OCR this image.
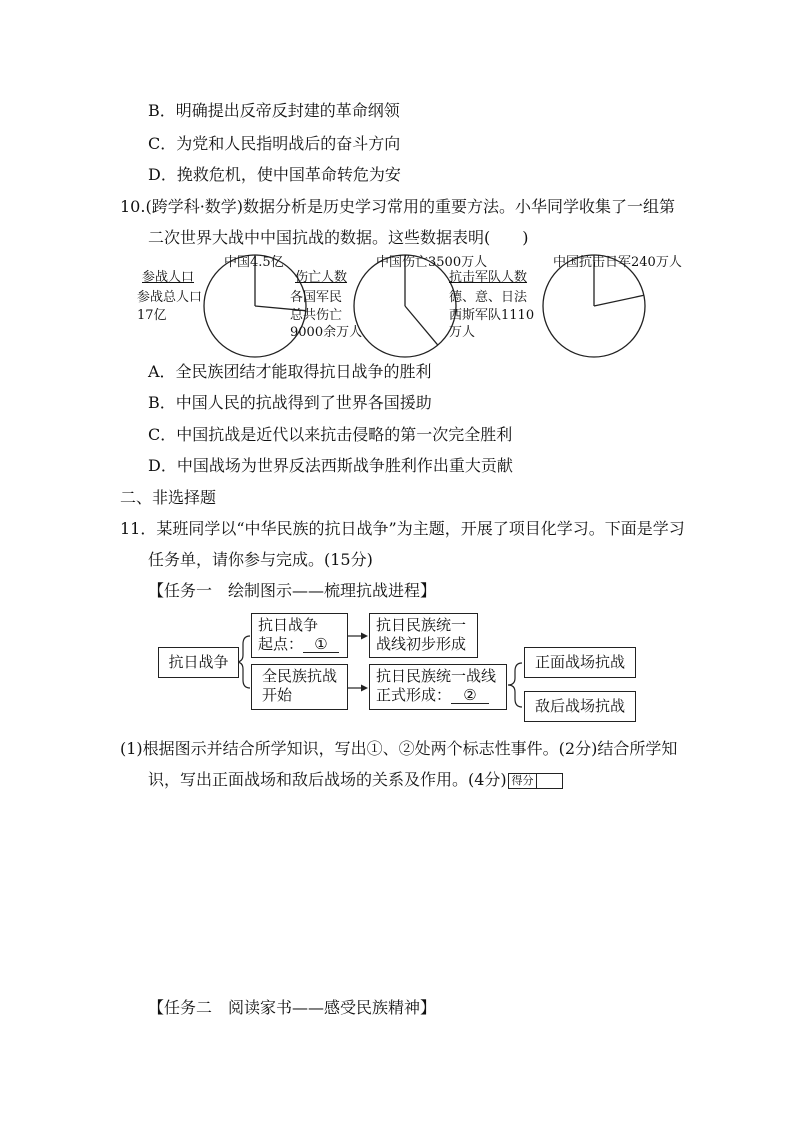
B．明确提出反帝反封建的革命纲领
C．为党和人民指明战后的奋斗方向
D．挽救危机，使中国革命转危为安
10.(跨学科·数学)数据分析是历史学习常用的重要方法。小华同学收集了一组第
二次世界大战中中国抗战的数据。这些数据表明(　　)
参战人口
参战总人口
17亿
中国4.5亿
伤亡人数
各国军民
总共伤亡
9000余万人
中国伤亡3500万人
抗击军队人数
德、意、日法
西斯军队1110
万人
中国抗击日军240万人
A．全民族团结才能取得抗日战争的胜利
B．中国人民的抗战得到了世界各国援助
C．中国抗战是近代以来抗击侵略的第一次完全胜利
D．中国战场为世界反法西斯战争胜利作出重大贡献
二、非选择题
11．某班同学以“中华民族的抗日战争”为主题，开展了项目化学习。下面是学习
任务单，请你参与完成。(15分)
【任务一　绘制图示——梳理抗战进程】
抗日战争
抗日战争
起点： ①
抗日民族统一
战线初步形成
全民族抗战
开始
抗日民族统一战线
正式形成： ②
正面战场抗战
敌后战场抗战
(1)根据图示并结合所学知识，写出①、②处两个标志性事件。(2分)结合所学知
识，写出正面战场和敌后战场的关系及作用。(4分) 得分
【任务二　阅读家书——感受民族精神】
